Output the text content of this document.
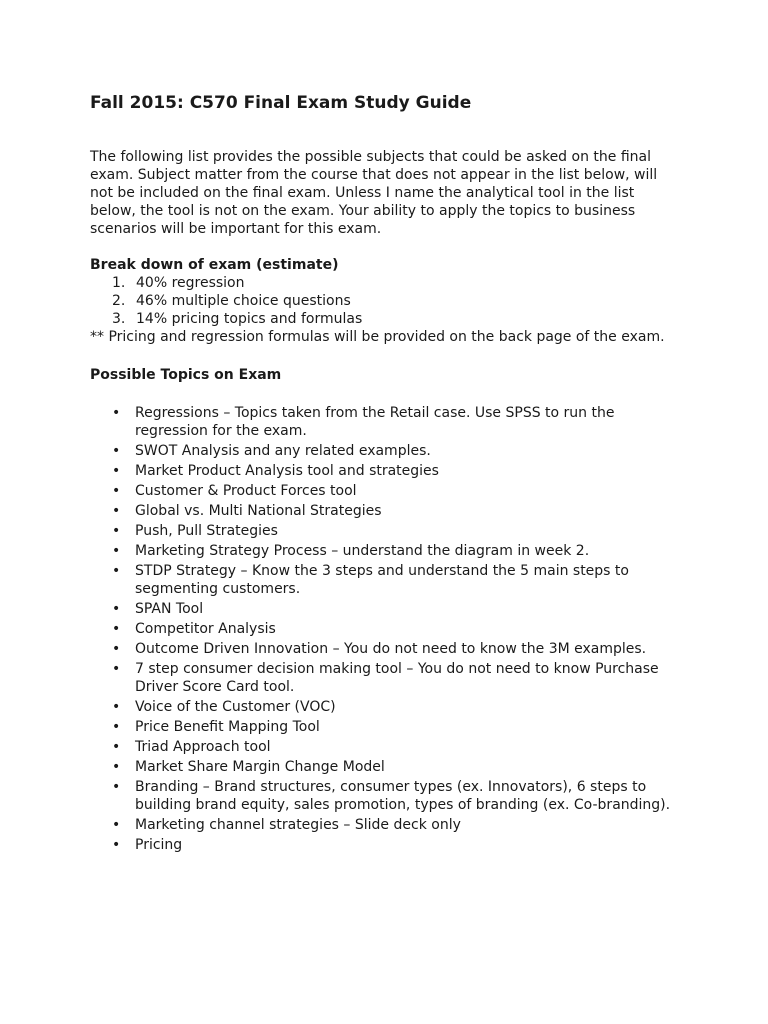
Fall 2015: C570 Final Exam Study Guide

The following list provides the possible subjects that could be asked on the final exam. Subject matter from the course that does not appear in the list below, will not be included on the final exam. Unless I name the analytical tool in the list below, the tool is not on the exam. Your ability to apply the topics to business scenarios will be important for this exam.

Break down of exam (estimate)

1. 40% regression
2. 46% multiple choice questions
3. 14% pricing topics and formulas

** Pricing and regression formulas will be provided on the back page of the exam.

Possible Topics on Exam

•	Regressions – Topics taken from the Retail case. Use SPSS to run the regression for the exam.
•	SWOT Analysis and any related examples.
•	Market Product Analysis tool and strategies
•	Customer & Product Forces tool
•	Global vs. Multi National Strategies
•	Push, Pull Strategies
•	Marketing Strategy Process – understand the diagram in week 2.
•	STDP Strategy – Know the 3 steps and understand the 5 main steps to segmenting customers.
•	SPAN Tool
•	Competitor Analysis
•	Outcome Driven Innovation – You do not need to know the 3M examples.
•	7 step consumer decision making tool – You do not need to know Purchase Driver Score Card tool.
•	Voice of the Customer (VOC)
•	Price Benefit Mapping Tool
•	Triad Approach tool
•	Market Share Margin Change Model
•	Branding – Brand structures, consumer types (ex. Innovators), 6 steps to building brand equity, sales promotion, types of branding (ex. Co-branding).
•	Marketing channel strategies – Slide deck only
•	Pricing
